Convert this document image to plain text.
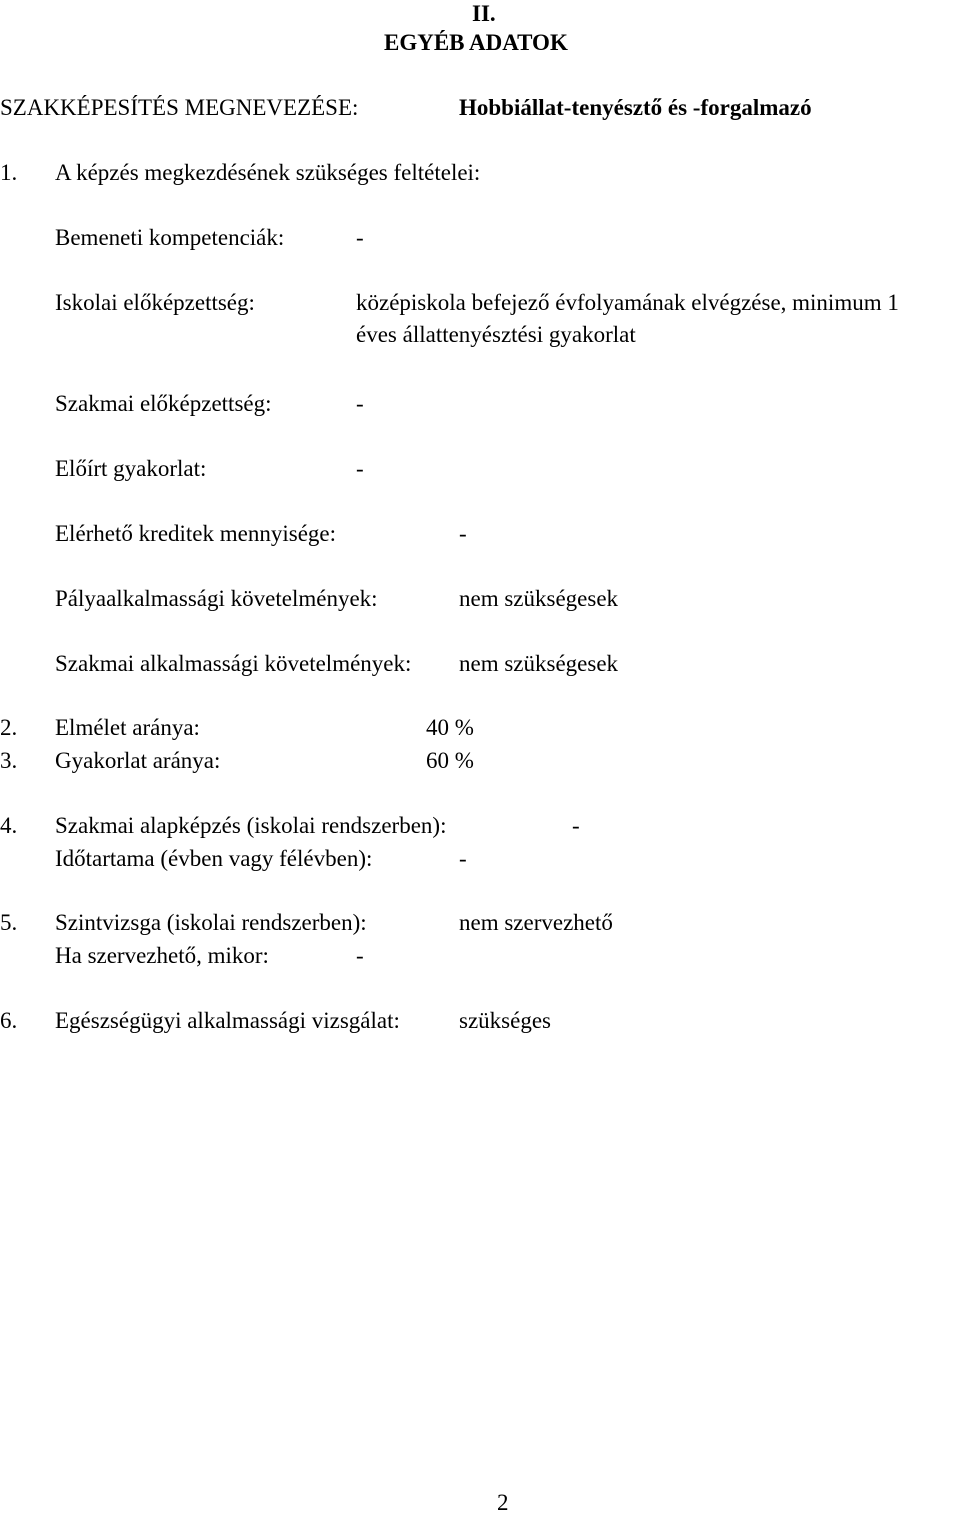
II.
EGYÉB ADATOK
SZAKKÉPESÍTÉS MEGNEVEZÉSE:	Hobbiállat-tenyésztő és -forgalmazó
1. A képzés megkezdésének szükséges feltételei:
Bemeneti kompetenciák:	-
Iskolai előképzettség:	középiskola befejező évfolyamának elvégzése, minimum 1
éves állattenyésztési gyakorlat
Szakmai előképzettség:	-
Előírt gyakorlat:	-
Elérhető kreditek mennyisége:	-
Pályaalkalmassági követelmények:	nem szükségesek
Szakmai alkalmassági követelmények: nem szükségesek
2. Elmélet aránya:	40 %
3. Gyakorlat aránya:	60 %
4. Szakmai alapképzés (iskolai rendszerben):	-
Időtartama (évben vagy félévben):	-
5. Szintvizsga (iskolai rendszerben):	nem szervezhető
Ha szervezhető, mikor:	-
6. Egészségügyi alkalmassági vizsgálat:	szükséges
2
